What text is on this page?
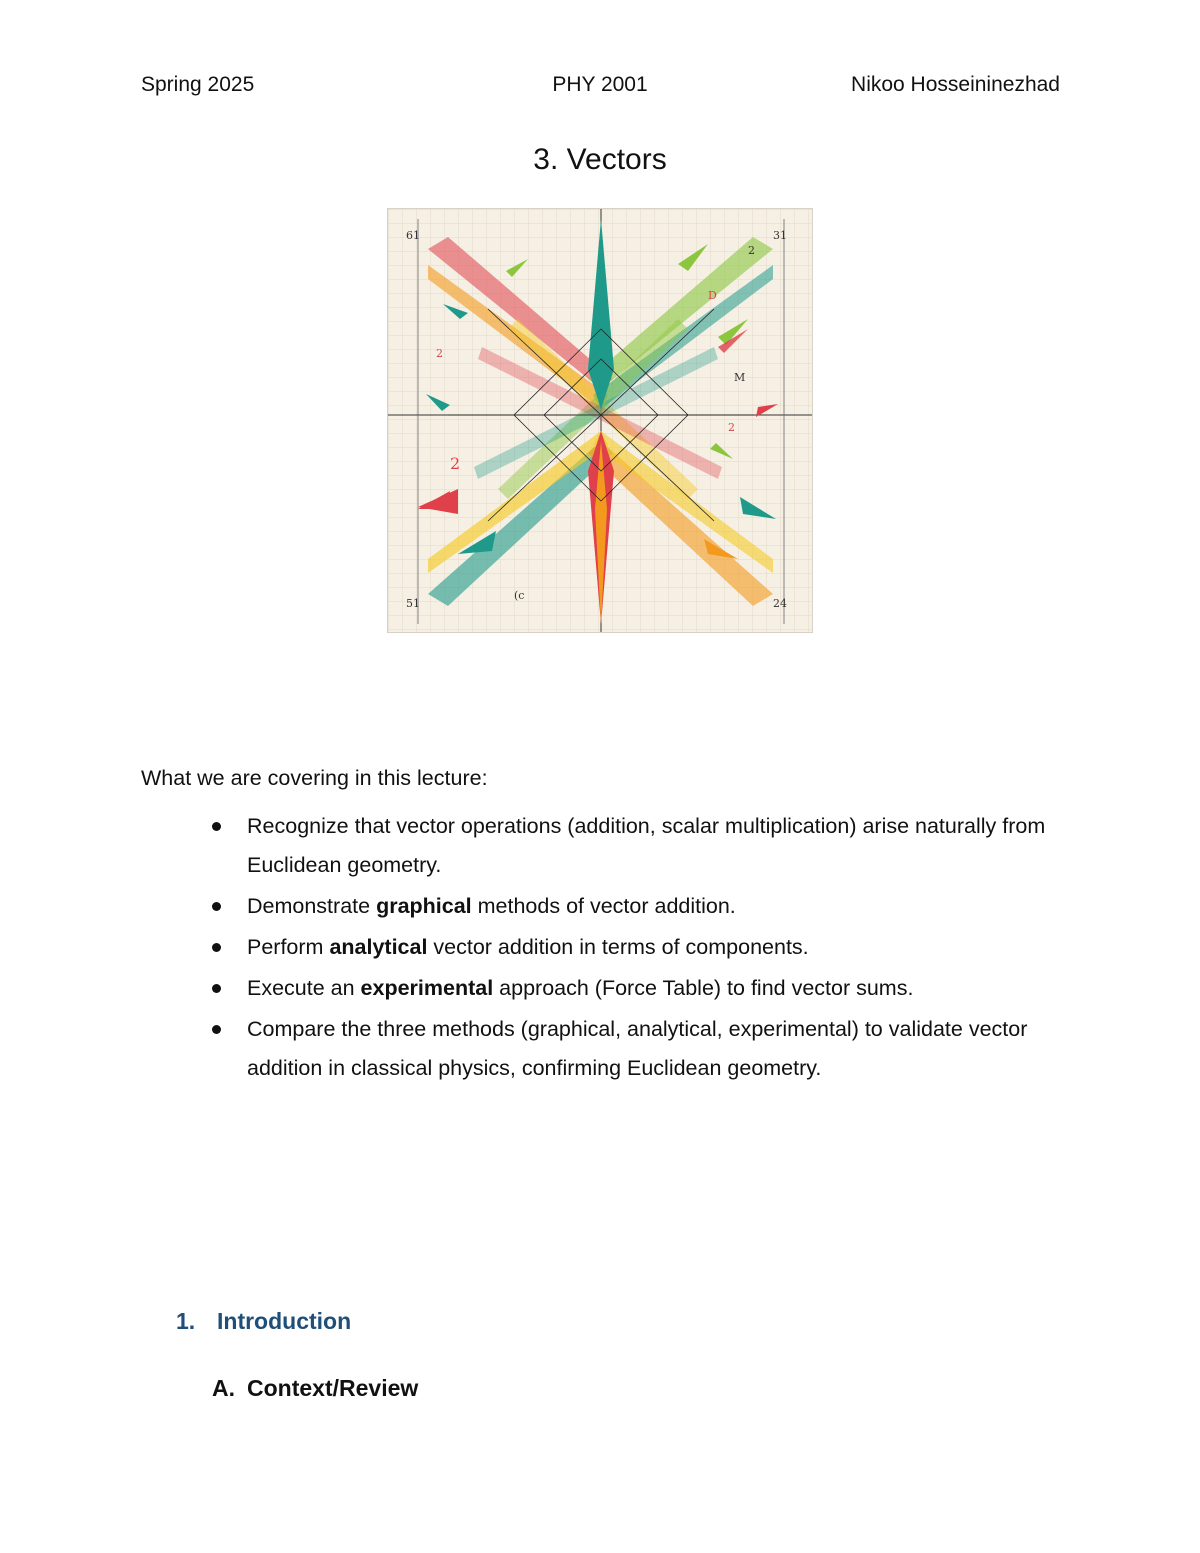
Spring 2025	PHY 2001	Nikoo Hosseininezhad
3. Vectors
61	31
51	24
2
2
2
2
(c
D
M

What we are covering in this lecture:

Recognize that vector operations (addition, scalar multiplication) arise naturally from Euclidean geometry.
Demonstrate graphical methods of vector addition.
Perform analytical vector addition in terms of components.
Execute an experimental approach (Force Table) to find vector sums.
Compare the three methods (graphical, analytical, experimental) to validate vector addition in classical physics, confirming Euclidean geometry.
1. Introduction
A. Context/Review
